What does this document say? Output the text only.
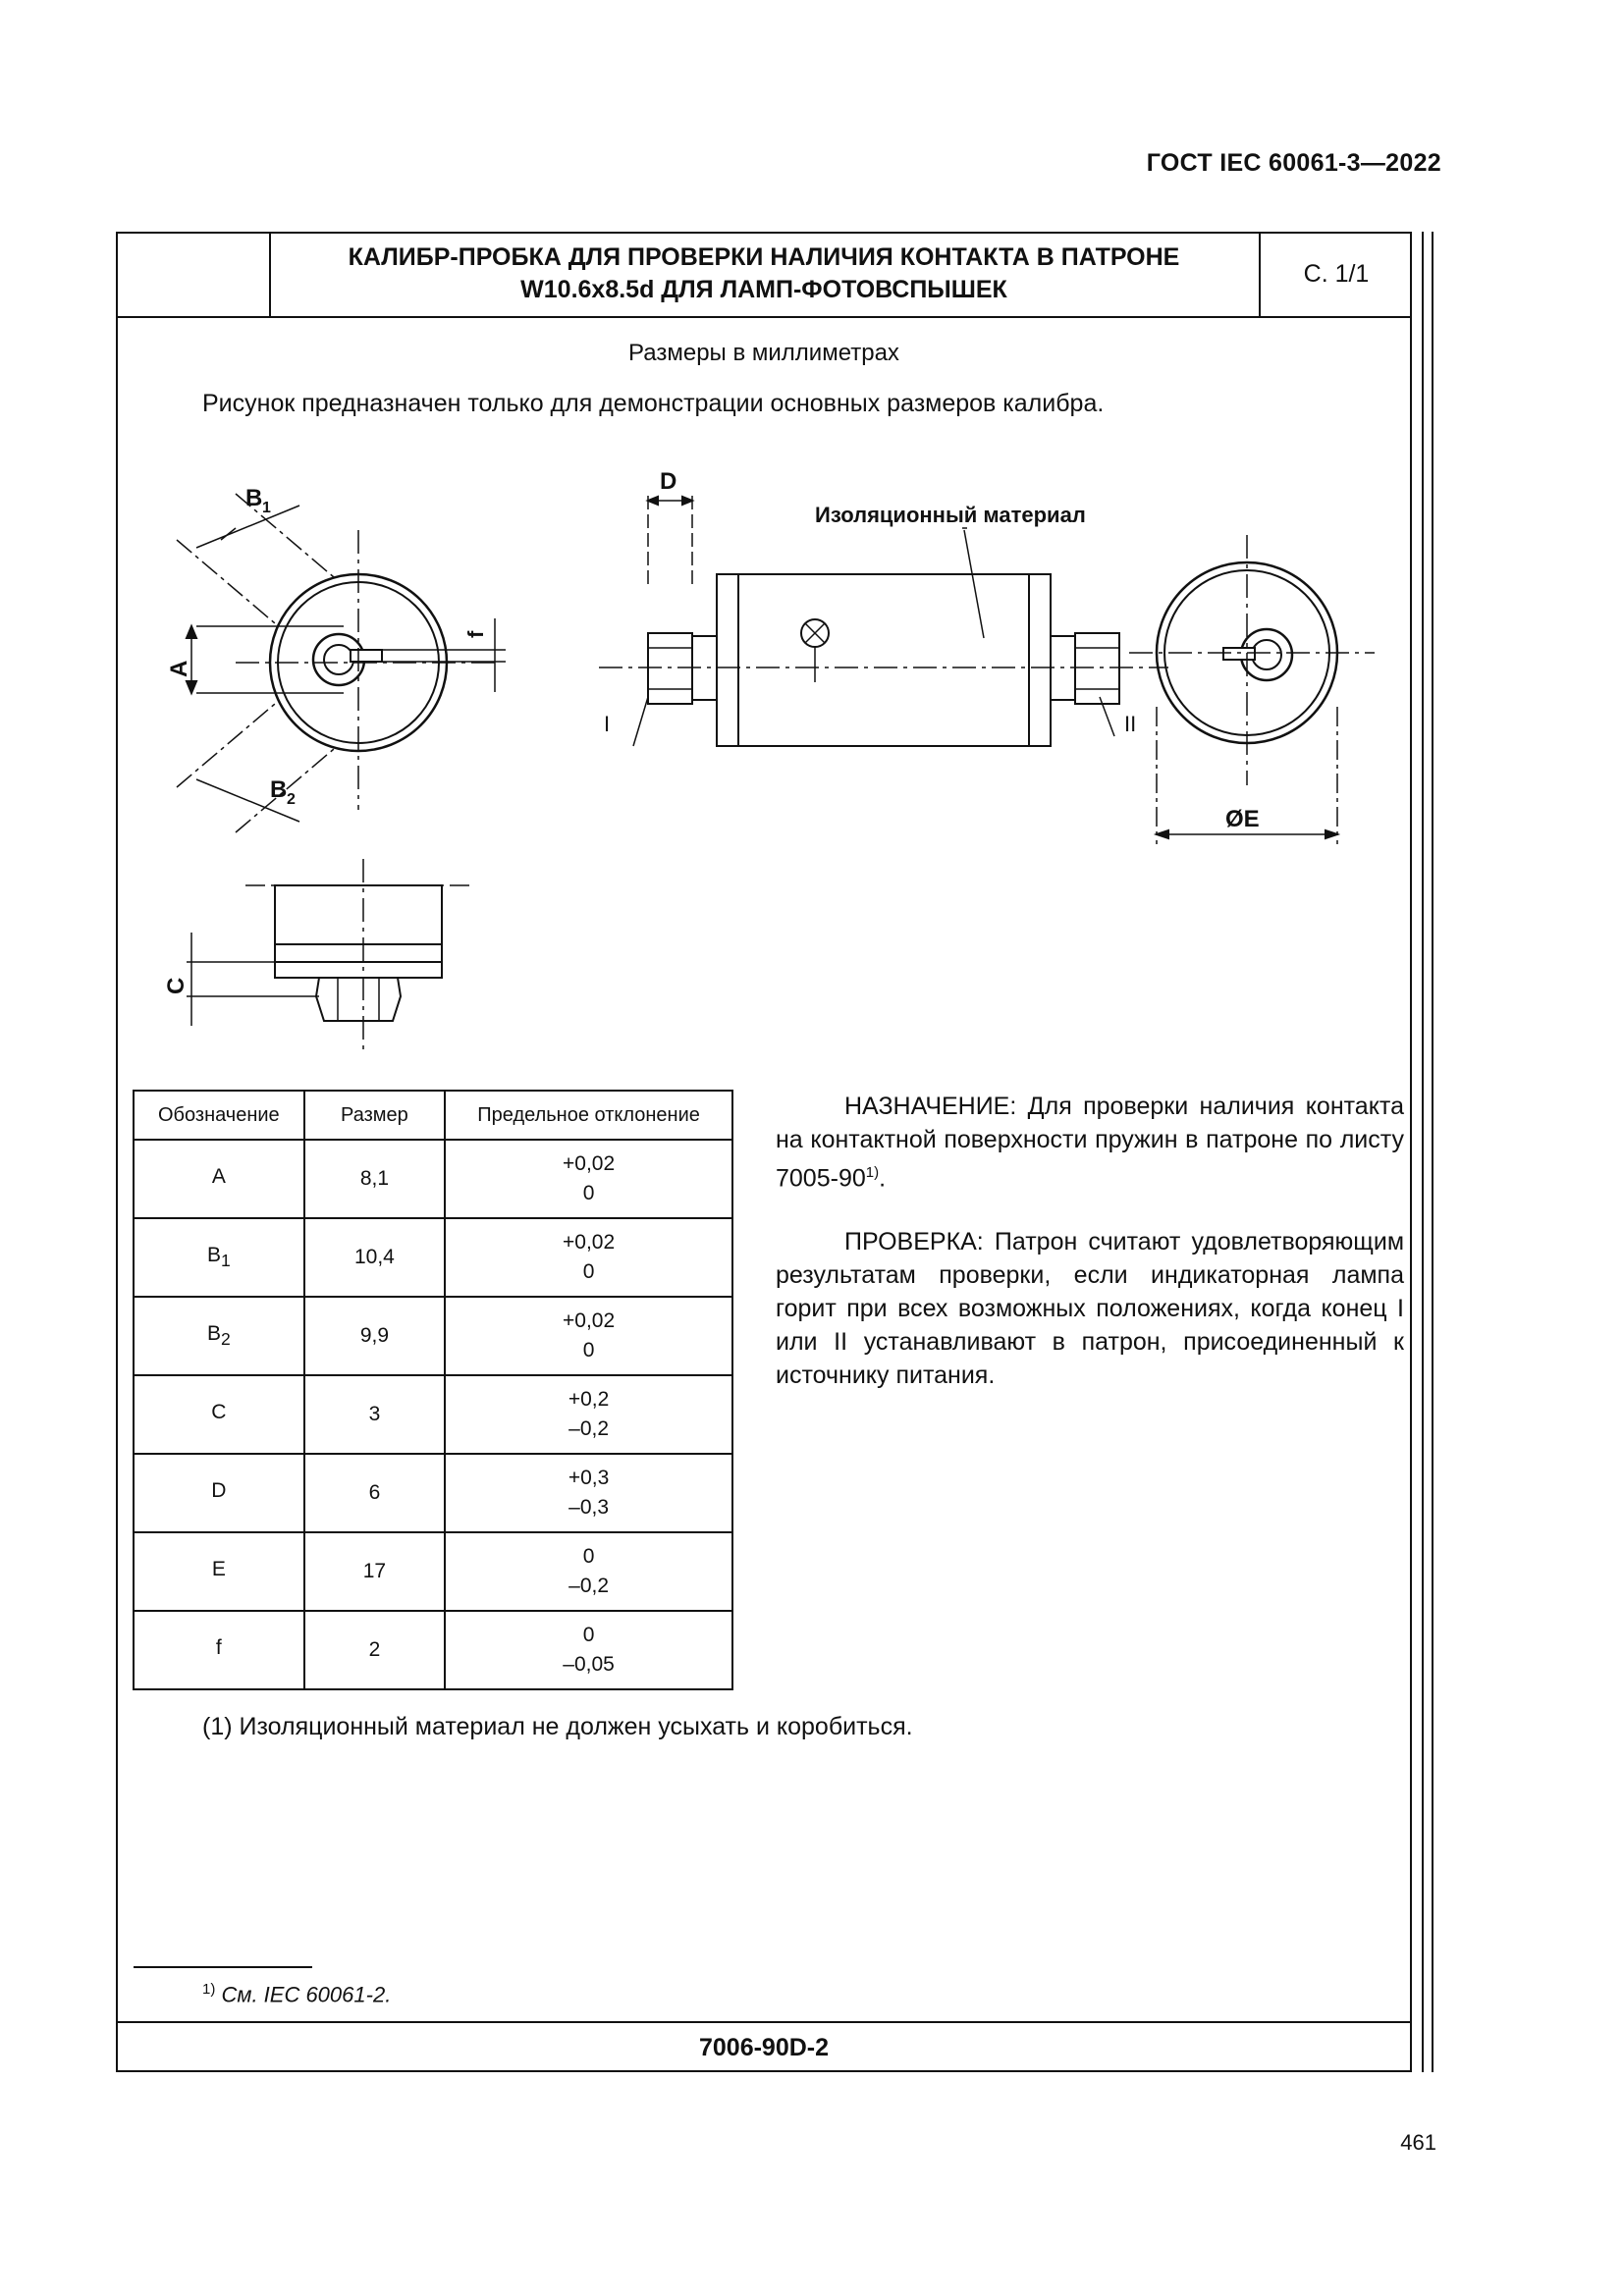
ГОСТ IEC 60061-3—2022
КАЛИБР-ПРОБКА ДЛЯ ПРОВЕРКИ НАЛИЧИЯ КОНТАКТА В ПАТРОНЕ
W10.6x8.5d ДЛЯ ЛАМП-ФОТОВСПЫШЕК
С. 1/1
Размеры в миллиметрах
Рисунок предназначен только для демонстрации основных размеров калибра.
A
f
B 1
B 2
C
D
Изоляционный материал
I	II
ØE
Обозначение	Размер	Предельное отклонение
A	8,1	+0,02
0

$B_1$	10,4	+0,02
0

$B_2$	9,9	+0,02
0

C	3	+0,2
–0,2

D	6	+0,3
–0,3

E	17	0
–0,2

f	2	0
–0,05

НАЗНАЧЕНИЕ: Для проверки наличия контакта на контактной поверхности пружин в патроне по листу 7005-90$^{1)}$.

ПРОВЕРКА: Патрон считают удовлетворяющим результатам проверки, если индикаторная лампа горит при всех возможных положениях, когда конец I или II устанавливают в патрон, присоединенный к источнику питания.

(1) Изоляционный материал не должен усыхать и коробиться.
$^{1)}$ См. IEC 60061-2.
7006-90D-2
461
